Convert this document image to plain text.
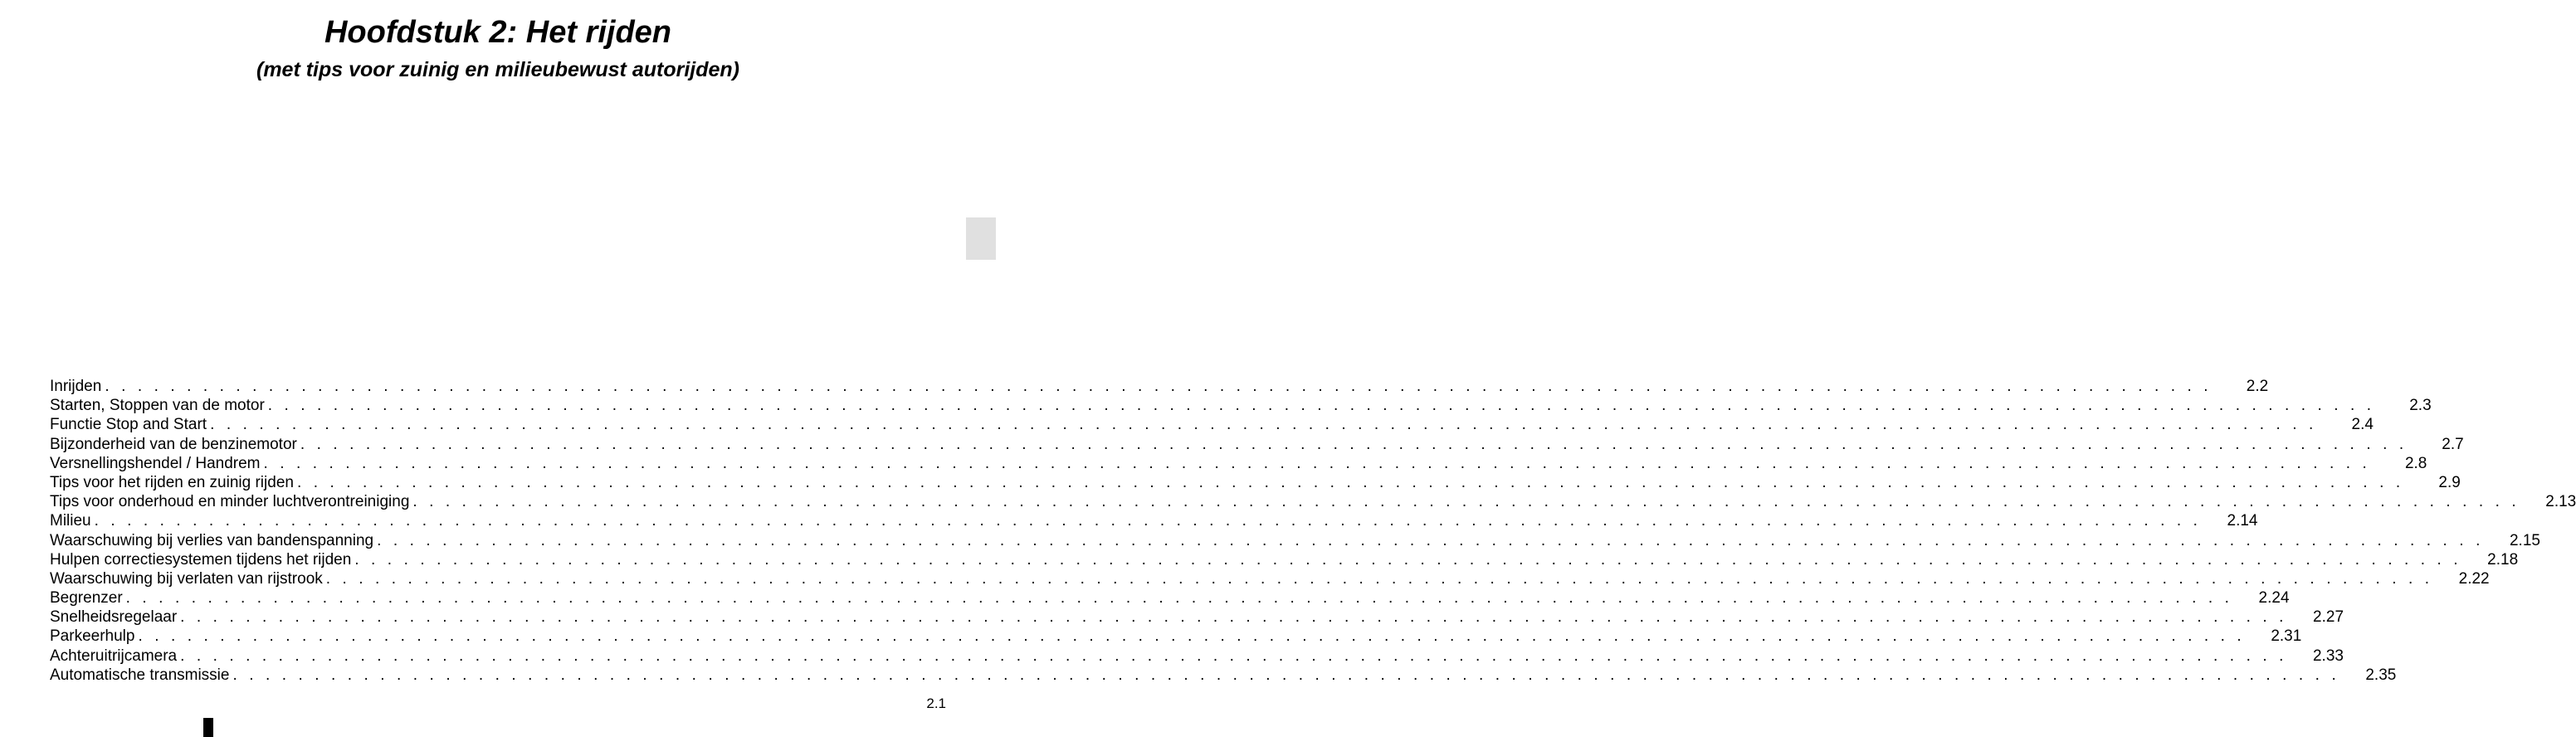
Hoofdstuk 2: Het rijden
(met tips voor zuinig en milieubewust autorijden)
Inrijden . . . . . . . . . . . . . . . . . . . . . . . . . . . . . . . . . . . . . . . . . . . . . . . . . . . . . . . . . . . . . . . . . . . . . . . . . . . . . . . . . . . . . . . . . . . . . . . . . . . . . . . . . . . . . . . . . . . . . . . . . . . . . . . . .	2.2
Starten, Stoppen van de motor . . . . . . . . . . . . . . . . . . . . . . . . . . . . . . . . . . . . . . . . . . . . . . . . . . . . . . . . . . . . . . . . . . . . . . . . . . . . . . . . . . . . . . . . . . . . . . . . . . . . . . . . . . . . . . . . . . . . . . . . . . . . . . . . .	2.3
Functie Stop and Start . . . . . . . . . . . . . . . . . . . . . . . . . . . . . . . . . . . . . . . . . . . . . . . . . . . . . . . . . . . . . . . . . . . . . . . . . . . . . . . . . . . . . . . . . . . . . . . . . . . . . . . . . . . . . . . . . . . . . . . . . . . . . . . . .	2.4
Bijzonderheid van de benzinemotor . . . . . . . . . . . . . . . . . . . . . . . . . . . . . . . . . . . . . . . . . . . . . . . . . . . . . . . . . . . . . . . . . . . . . . . . . . . . . . . . . . . . . . . . . . . . . . . . . . . . . . . . . . . . . . . . . . . . . . . . . . . . . . . . .	2.7
Versnellingshendel / Handrem . . . . . . . . . . . . . . . . . . . . . . . . . . . . . . . . . . . . . . . . . . . . . . . . . . . . . . . . . . . . . . . . . . . . . . . . . . . . . . . . . . . . . . . . . . . . . . . . . . . . . . . . . . . . . . . . . . . . . . . . . . . . . . . . .	2.8
Tips voor het rijden en zuinig rijden . . . . . . . . . . . . . . . . . . . . . . . . . . . . . . . . . . . . . . . . . . . . . . . . . . . . . . . . . . . . . . . . . . . . . . . . . . . . . . . . . . . . . . . . . . . . . . . . . . . . . . . . . . . . . . . . . . . . . . . . . . . . . . . . .	2.9
Tips voor onderhoud en minder luchtverontreiniging . . . . . . . . . . . . . . . . . . . . . . . . . . . . . . . . . . . . . . . . . . . . . . . . . . . . . . . . . . . . . . . . . . . . . . . . . . . . . . . . . . . . . . . . . . . . . . . . . . . . . . . . . . . . . . . . . . . . . . . . . . . . . . . . .	2.13
Milieu . . . . . . . . . . . . . . . . . . . . . . . . . . . . . . . . . . . . . . . . . . . . . . . . . . . . . . . . . . . . . . . . . . . . . . . . . . . . . . . . . . . . . . . . . . . . . . . . . . . . . . . . . . . . . . . . . . . . . . . . . . . . . . . . .	2.14
Waarschuwing bij verlies van bandenspanning . . . . . . . . . . . . . . . . . . . . . . . . . . . . . . . . . . . . . . . . . . . . . . . . . . . . . . . . . . . . . . . . . . . . . . . . . . . . . . . . . . . . . . . . . . . . . . . . . . . . . . . . . . . . . . . . . . . . . . . . . . . . . . . . .	2.15
Hulpen correctiesystemen tijdens het rijden . . . . . . . . . . . . . . . . . . . . . . . . . . . . . . . . . . . . . . . . . . . . . . . . . . . . . . . . . . . . . . . . . . . . . . . . . . . . . . . . . . . . . . . . . . . . . . . . . . . . . . . . . . . . . . . . . . . . . . . . . . . . . . . . .	2.18
Waarschuwing bij verlaten van rijstrook . . . . . . . . . . . . . . . . . . . . . . . . . . . . . . . . . . . . . . . . . . . . . . . . . . . . . . . . . . . . . . . . . . . . . . . . . . . . . . . . . . . . . . . . . . . . . . . . . . . . . . . . . . . . . . . . . . . . . . . . . . . . . . . . .	2.22
Begrenzer . . . . . . . . . . . . . . . . . . . . . . . . . . . . . . . . . . . . . . . . . . . . . . . . . . . . . . . . . . . . . . . . . . . . . . . . . . . . . . . . . . . . . . . . . . . . . . . . . . . . . . . . . . . . . . . . . . . . . . . . . . . . . . . . .	2.24
Snelheidsregelaar . . . . . . . . . . . . . . . . . . . . . . . . . . . . . . . . . . . . . . . . . . . . . . . . . . . . . . . . . . . . . . . . . . . . . . . . . . . . . . . . . . . . . . . . . . . . . . . . . . . . . . . . . . . . . . . . . . . . . . . . . . . . . . . . .	2.27
Parkeerhulp . . . . . . . . . . . . . . . . . . . . . . . . . . . . . . . . . . . . . . . . . . . . . . . . . . . . . . . . . . . . . . . . . . . . . . . . . . . . . . . . . . . . . . . . . . . . . . . . . . . . . . . . . . . . . . . . . . . . . . . . . . . . . . . . .	2.31
Achteruitrijcamera . . . . . . . . . . . . . . . . . . . . . . . . . . . . . . . . . . . . . . . . . . . . . . . . . . . . . . . . . . . . . . . . . . . . . . . . . . . . . . . . . . . . . . . . . . . . . . . . . . . . . . . . . . . . . . . . . . . . . . . . . . . . . . . . .	2.33
Automatische transmissie . . . . . . . . . . . . . . . . . . . . . . . . . . . . . . . . . . . . . . . . . . . . . . . . . . . . . . . . . . . . . . . . . . . . . . . . . . . . . . . . . . . . . . . . . . . . . . . . . . . . . . . . . . . . . . . . . . . . . . . . . . . . . . . . .	2.35
2.1
